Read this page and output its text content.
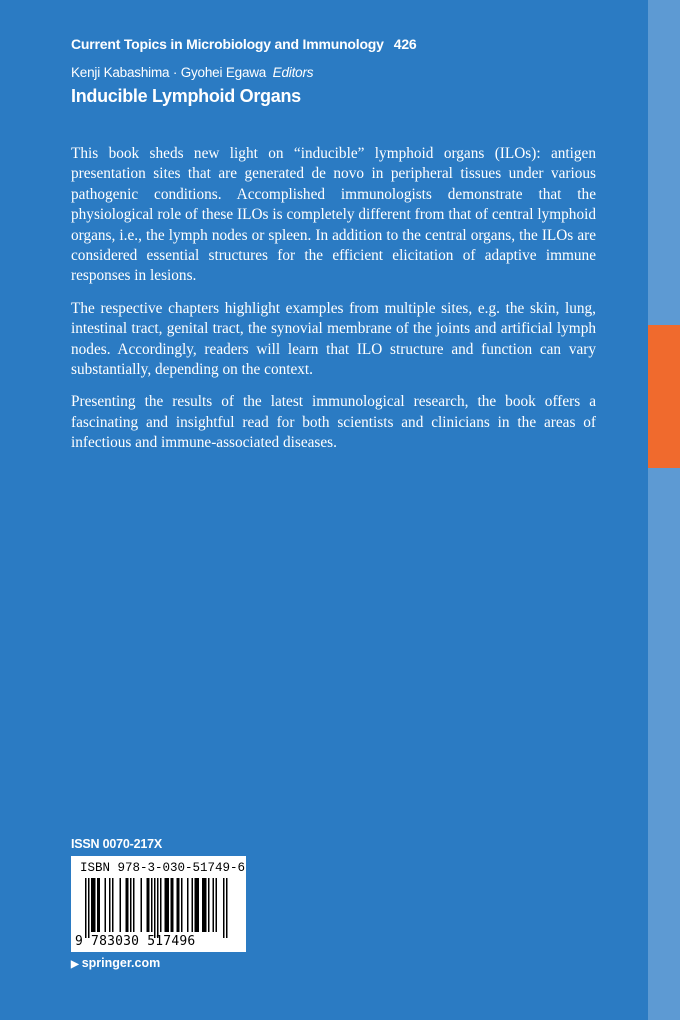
Current Topics in Microbiology and Immunology 426
Kenji Kabashima · Gyohei Egawa Editors
Inducible Lymphoid Organs

This book sheds new light on “inducible” lymphoid organs (ILOs): antigen presentation sites that are generated de novo in peripheral tissues under various pathogenic conditions. Accomplished immunologists demonstrate that the physiological role of these ILOs is completely different from that of central lymphoid organs, i.e., the lymph nodes or spleen. In addition to the central organs, the ILOs are considered essential structures for the efficient elicitation of adaptive immune responses in lesions.

The respective chapters highlight examples from multiple sites, e.g. the skin, lung, intestinal tract, genital tract, the synovial membrane of the joints and artificial lymph nodes. Accordingly, readers will learn that ILO structure and function can vary substantially, depending on the context.

Presenting the results of the latest immunological research, the book offers a fascinating and insightful read for both scientists and clinicians in the areas of infectious and immune-associated diseases.

ISSN 0070-217X
ISBN 978-3-030-51749-6
9 783030 517496
▶ springer.com
